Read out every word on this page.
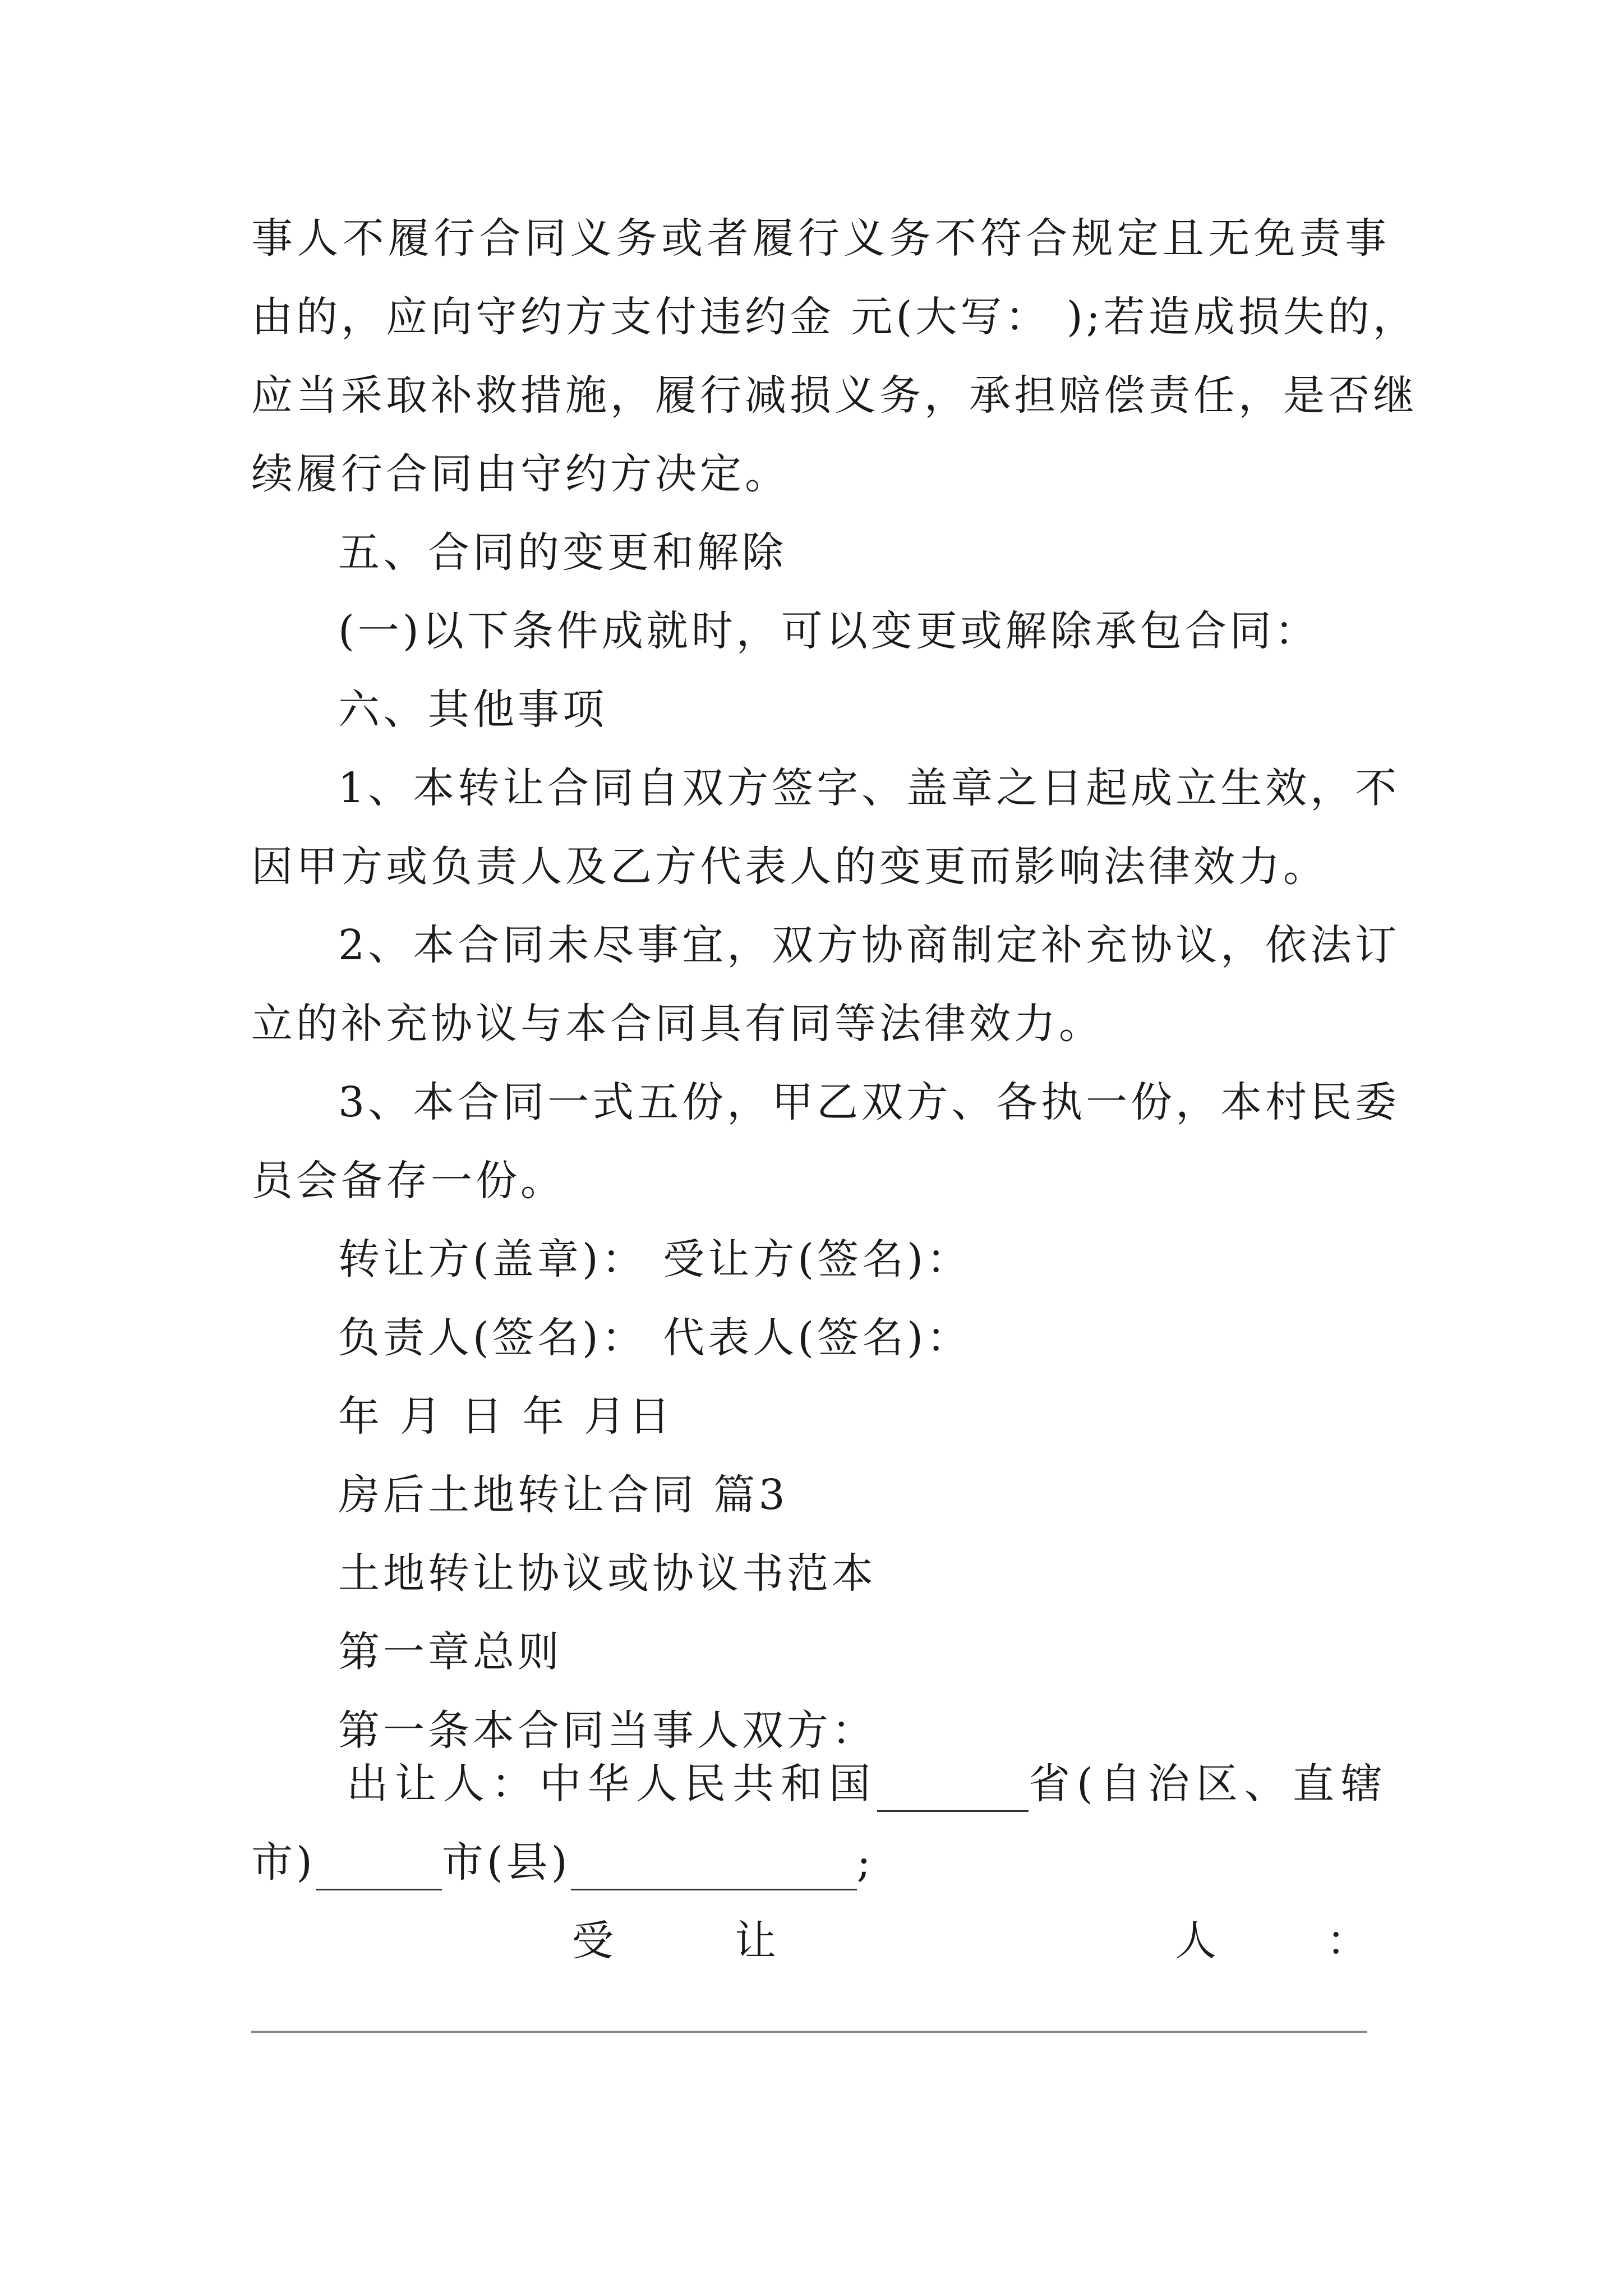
事人不履行合同义务或者履行义务不符合规定且无免责事
由的，应向守约方支付违约金 元(大写： );若造成损失的，
应当采取补救措施，履行减损义务，承担赔偿责任，是否继
续履行合同由守约方决定。
五、合同的变更和解除
(一)以下条件成就时，可以变更或解除承包合同：
六、其他事项
1、本转让合同自双方签字、盖章之日起成立生效，不
因甲方或负责人及乙方代表人的变更而影响法律效力。
2、本合同未尽事宜，双方协商制定补充协议，依法订
立的补充协议与本合同具有同等法律效力。
3、本合同一式五份，甲乙双方、各执一份，本村民委
员会备存一份。
转让方(盖章)： 受让方(签名)：
负责人(签名)： 代表人(签名)：
年 月 日 年 月日
房后土地转让合同 篇3
土地转让协议或协议书范本
第一章总则
第一条本合同当事人双方：
出让人：中华人民共和国	省(自治区、直辖
市)	市(县)	;
受	让	人	：
